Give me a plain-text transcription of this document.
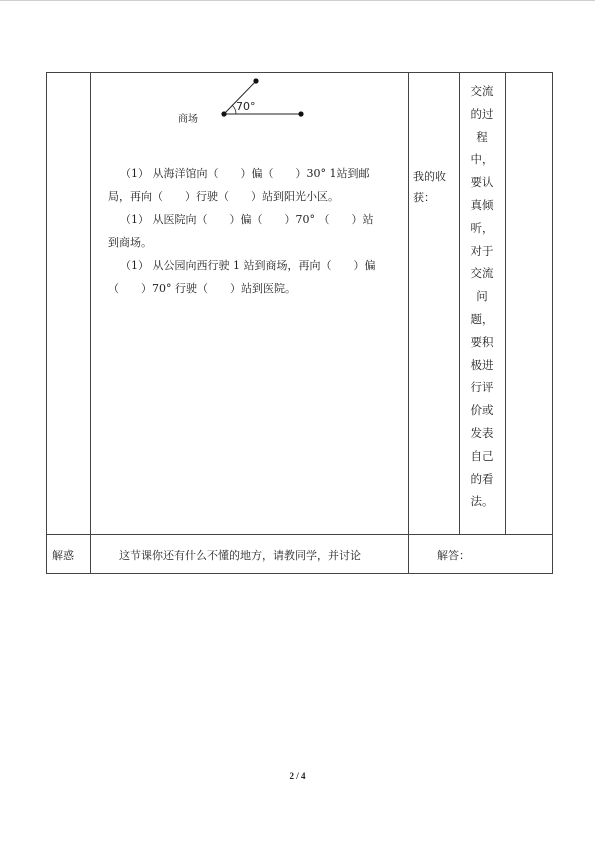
商场
70°
（1） 从海洋馆向（　　）偏（　　）30° 1站到邮
局，再向（　　）行驶（　　）站到阳光小区。
（1） 从医院向（　　）偏（　　）70° （　　）站
到商场。
（1） 从公园向西行驶 1 站到商场，再向（　　）偏
（　　）70° 行驶（　　）站到医院。
我的收
获：
交流
的过
程
中，
要认
真倾
听，
对于
交流
问
题，
要积
极进
行评
价或
发表
自己
的看
法。
解惑	这节课你还有什么不懂的地方，请教同学，并讨论	解答：
2 / 4
